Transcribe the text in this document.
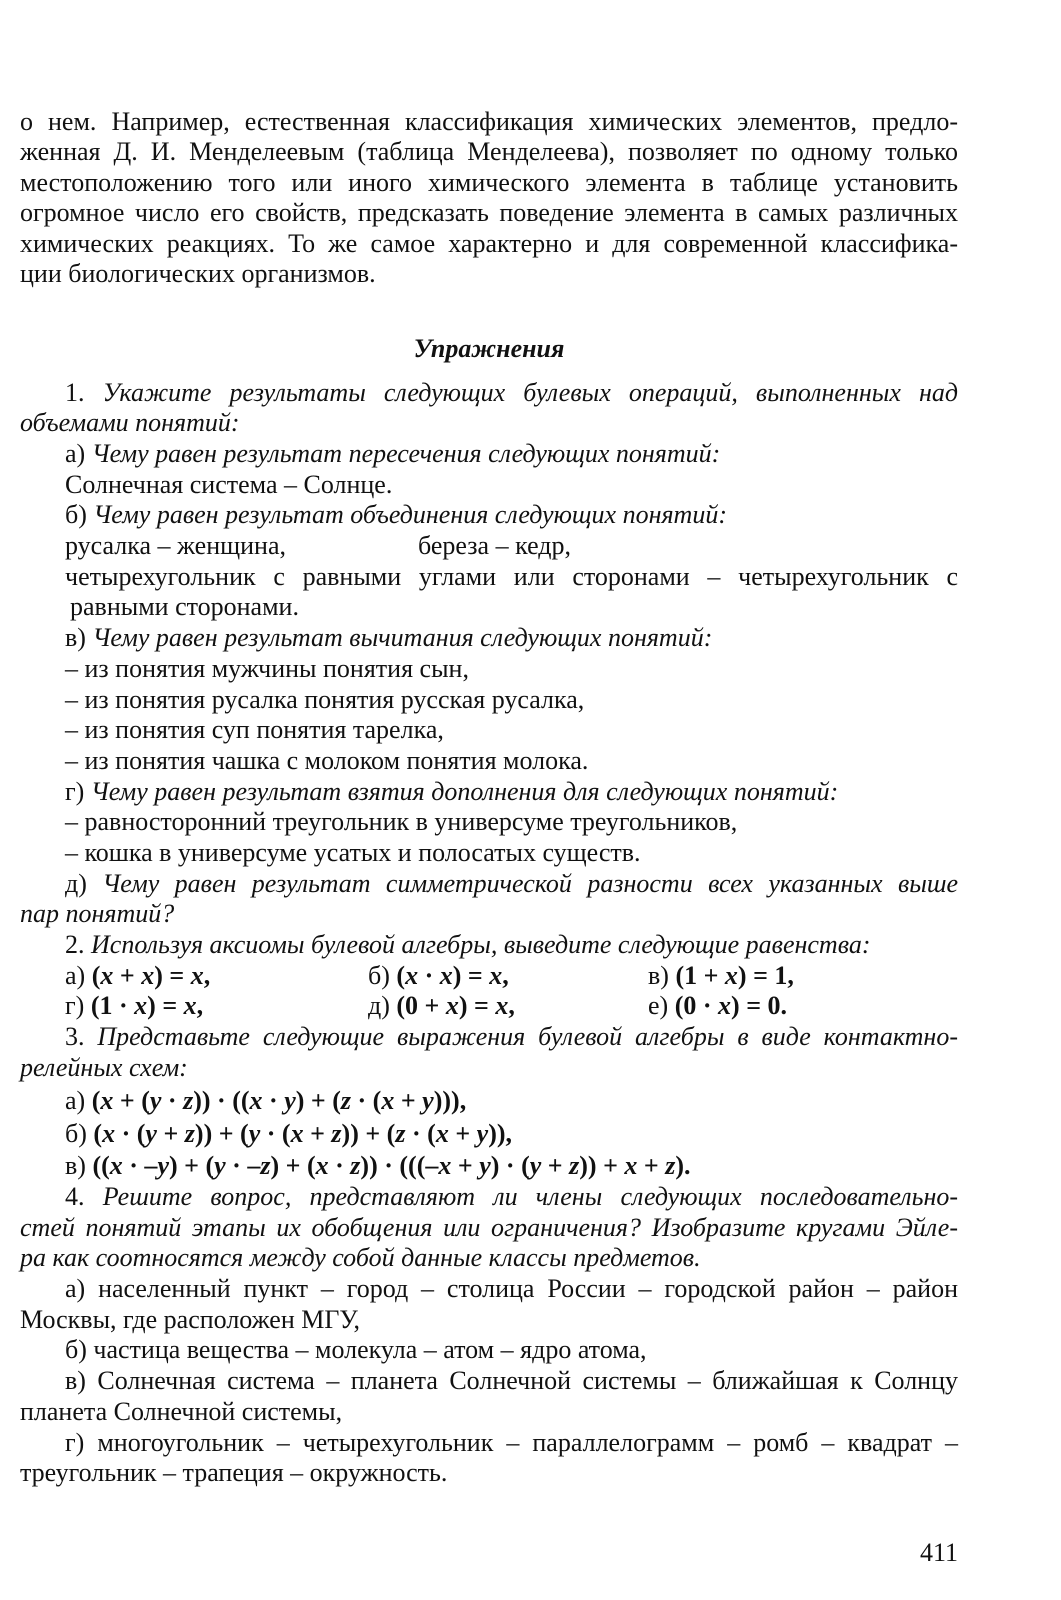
о нем. Например, естественная классификация химических элементов, предло-
женная Д. И. Менделеевым (таблица Менделеева), позволяет по одному только
местоположению того или иного химического элемента в таблице установить
огромное число его свойств, предсказать поведение элемента в самых различных
химических реакциях. То же самое характерно и для современной классифика-
ции биологических организмов.
Упражнения
1. Укажите результаты следующих булевых операций, выполненных над
объемами понятий:
а) Чему равен результат пересечения следующих понятий:
Солнечная система – Солнце.
б) Чему равен результат объединения следующих понятий:
русалка – женщина,	береза – кедр,
четырехугольник с равными углами или сторонами – четырехугольник с
равными сторонами.
в) Чему равен результат вычитания следующих понятий:
– из понятия мужчины понятия сын,
– из понятия русалка понятия русская русалка,
– из понятия суп понятия тарелка,
– из понятия чашка с молоком понятия молока.
г) Чему равен результат взятия дополнения для следующих понятий:
– равносторонний треугольник в универсуме треугольников,
– кошка в универсуме усатых и полосатых существ.
д) Чему равен результат симметрической разности всех указанных выше
пар понятий?
2. Используя аксиомы булевой алгебры, выведите следующие равенства:
а) (x + x) = x,	б) (x · x) = x,	в) (1 + x) = 1,
г) (1 · x) = x,	д) (0 + x) = x,	е) (0 · x) = 0.
3. Представьте следующие выражения булевой алгебры в виде контактно-
релейных схем:
а) (x + (y · z)) · ((x · y) + (z · (x + y))),
б) (x · (y + z)) + (y · (x + z)) + (z · (x + y)),
в) ((x · –y) + (y · –z) + (x · z)) · (((–x + y) · (y + z)) + x + z).
4. Решите вопрос, представляют ли члены следующих последовательно-
стей понятий этапы их обобщения или ограничения? Изобразите кругами Эйле-
ра как соотносятся между собой данные классы предметов.
а) населенный пункт – город – столица России – городской район – район
Москвы, где расположен МГУ,
б) частица вещества – молекула – атом – ядро атома,
в) Солнечная система – планета Солнечной системы – ближайшая к Солнцу
планета Солнечной системы,
г) многоугольник – четырехугольник – параллелограмм – ромб – квадрат –
треугольник – трапеция – окружность.
411
